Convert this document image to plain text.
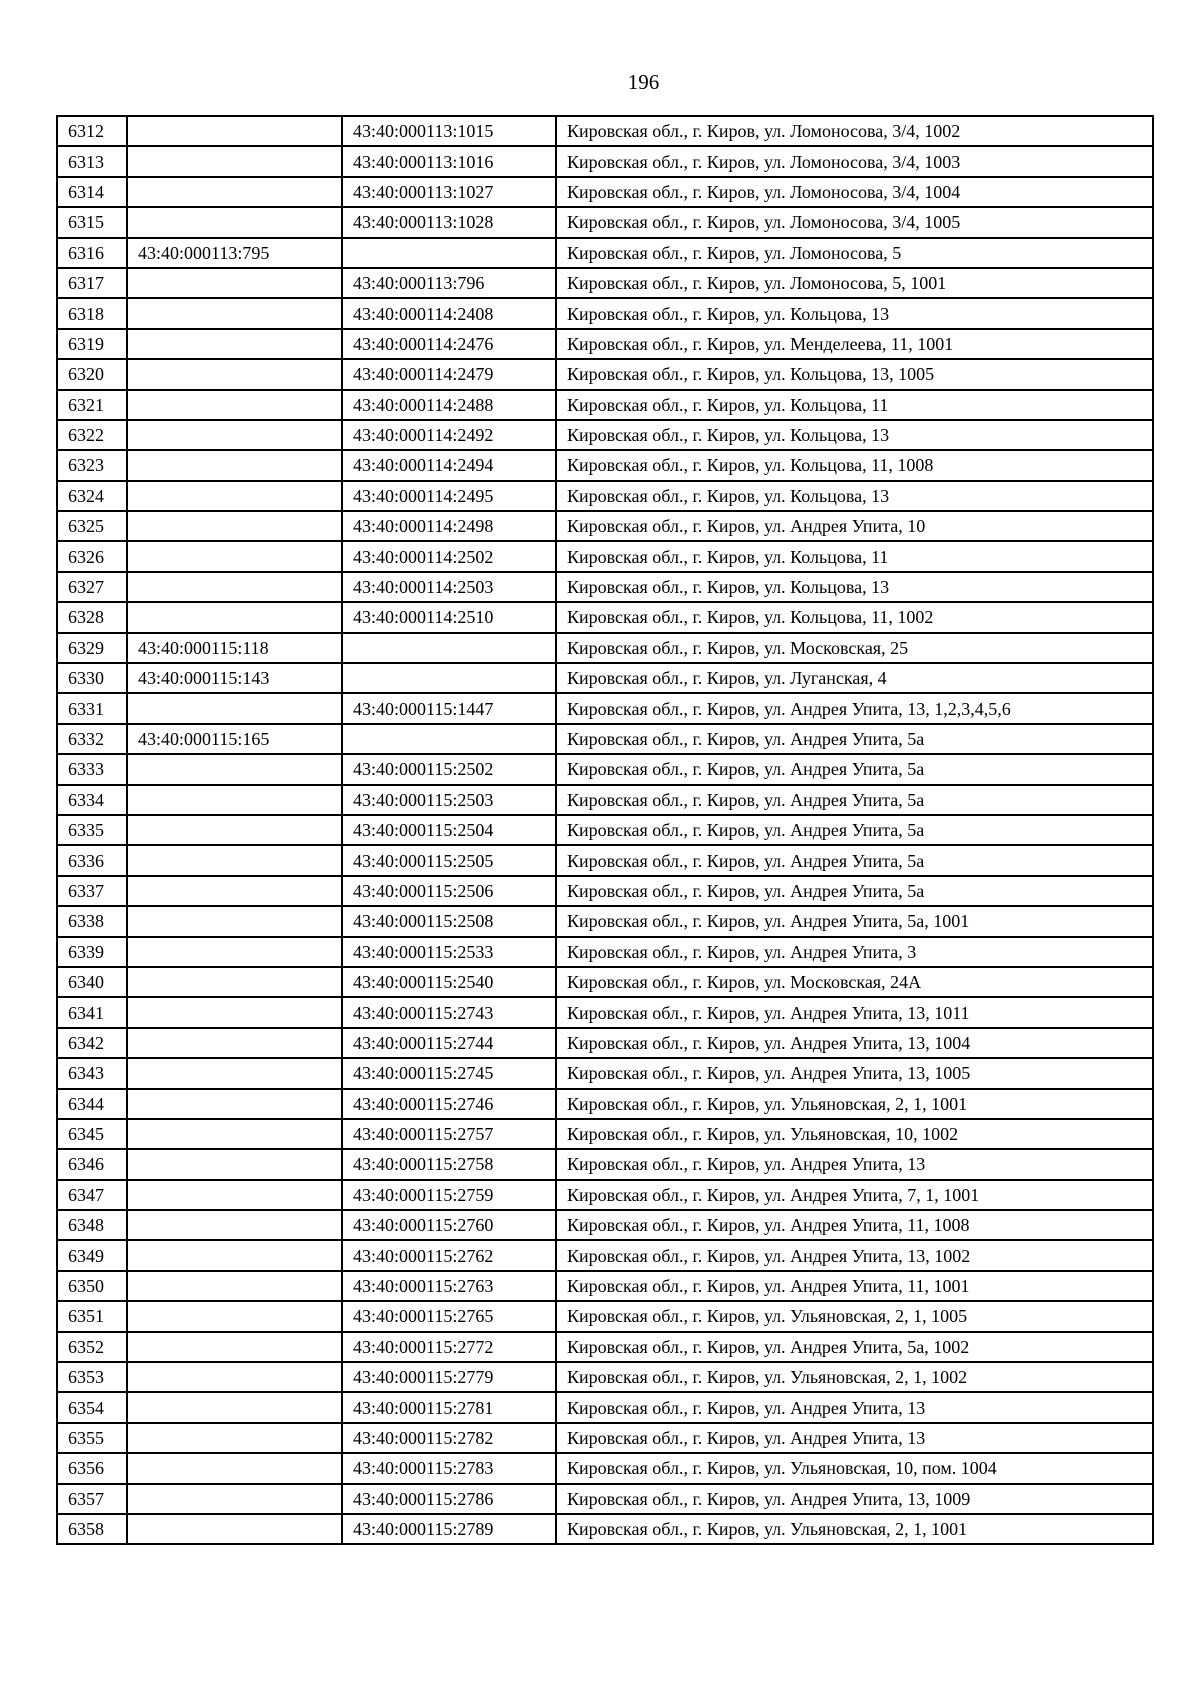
196
6312		43:40:000113:1015	Кировская обл., г. Киров, ул. Ломоносова, 3/4, 1002
6313		43:40:000113:1016	Кировская обл., г. Киров, ул. Ломоносова, 3/4, 1003
6314		43:40:000113:1027	Кировская обл., г. Киров, ул. Ломоносова, 3/4, 1004
6315		43:40:000113:1028	Кировская обл., г. Киров, ул. Ломоносова, 3/4, 1005
6316	43:40:000113:795		Кировская обл., г. Киров, ул. Ломоносова, 5
6317		43:40:000113:796	Кировская обл., г. Киров, ул. Ломоносова, 5, 1001
6318		43:40:000114:2408	Кировская обл., г. Киров, ул. Кольцова, 13
6319		43:40:000114:2476	Кировская обл., г. Киров, ул. Менделеева, 11, 1001
6320		43:40:000114:2479	Кировская обл., г. Киров, ул. Кольцова, 13, 1005
6321		43:40:000114:2488	Кировская обл., г. Киров, ул. Кольцова, 11
6322		43:40:000114:2492	Кировская обл., г. Киров, ул. Кольцова, 13
6323		43:40:000114:2494	Кировская обл., г. Киров, ул. Кольцова, 11, 1008
6324		43:40:000114:2495	Кировская обл., г. Киров, ул. Кольцова, 13
6325		43:40:000114:2498	Кировская обл., г. Киров, ул. Андрея Упита, 10
6326		43:40:000114:2502	Кировская обл., г. Киров, ул. Кольцова, 11
6327		43:40:000114:2503	Кировская обл., г. Киров, ул. Кольцова, 13
6328		43:40:000114:2510	Кировская обл., г. Киров, ул. Кольцова, 11, 1002
6329	43:40:000115:118		Кировская обл., г. Киров, ул. Московская, 25
6330	43:40:000115:143		Кировская обл., г. Киров, ул. Луганская, 4
6331		43:40:000115:1447	Кировская обл., г. Киров, ул. Андрея Упита, 13, 1,2,3,4,5,6
6332	43:40:000115:165		Кировская обл., г. Киров, ул. Андрея Упита, 5а
6333		43:40:000115:2502	Кировская обл., г. Киров, ул. Андрея Упита, 5а
6334		43:40:000115:2503	Кировская обл., г. Киров, ул. Андрея Упита, 5а
6335		43:40:000115:2504	Кировская обл., г. Киров, ул. Андрея Упита, 5а
6336		43:40:000115:2505	Кировская обл., г. Киров, ул. Андрея Упита, 5а
6337		43:40:000115:2506	Кировская обл., г. Киров, ул. Андрея Упита, 5а
6338		43:40:000115:2508	Кировская обл., г. Киров, ул. Андрея Упита, 5а, 1001
6339		43:40:000115:2533	Кировская обл., г. Киров, ул. Андрея Упита, 3
6340		43:40:000115:2540	Кировская обл., г. Киров, ул. Московская, 24А
6341		43:40:000115:2743	Кировская обл., г. Киров, ул. Андрея Упита, 13, 1011
6342		43:40:000115:2744	Кировская обл., г. Киров, ул. Андрея Упита, 13, 1004
6343		43:40:000115:2745	Кировская обл., г. Киров, ул. Андрея Упита, 13, 1005
6344		43:40:000115:2746	Кировская обл., г. Киров, ул. Ульяновская, 2, 1, 1001
6345		43:40:000115:2757	Кировская обл., г. Киров, ул. Ульяновская, 10, 1002
6346		43:40:000115:2758	Кировская обл., г. Киров, ул. Андрея Упита, 13
6347		43:40:000115:2759	Кировская обл., г. Киров, ул. Андрея Упита, 7, 1, 1001
6348		43:40:000115:2760	Кировская обл., г. Киров, ул. Андрея Упита, 11, 1008
6349		43:40:000115:2762	Кировская обл., г. Киров, ул. Андрея Упита, 13, 1002
6350		43:40:000115:2763	Кировская обл., г. Киров, ул. Андрея Упита, 11, 1001
6351		43:40:000115:2765	Кировская обл., г. Киров, ул. Ульяновская, 2, 1, 1005
6352		43:40:000115:2772	Кировская обл., г. Киров, ул. Андрея Упита, 5а, 1002
6353		43:40:000115:2779	Кировская обл., г. Киров, ул. Ульяновская, 2, 1, 1002
6354		43:40:000115:2781	Кировская обл., г. Киров, ул. Андрея Упита, 13
6355		43:40:000115:2782	Кировская обл., г. Киров, ул. Андрея Упита, 13
6356		43:40:000115:2783	Кировская обл., г. Киров, ул. Ульяновская, 10, пом. 1004
6357		43:40:000115:2786	Кировская обл., г. Киров, ул. Андрея Упита, 13, 1009
6358		43:40:000115:2789	Кировская обл., г. Киров, ул. Ульяновская, 2, 1, 1001
